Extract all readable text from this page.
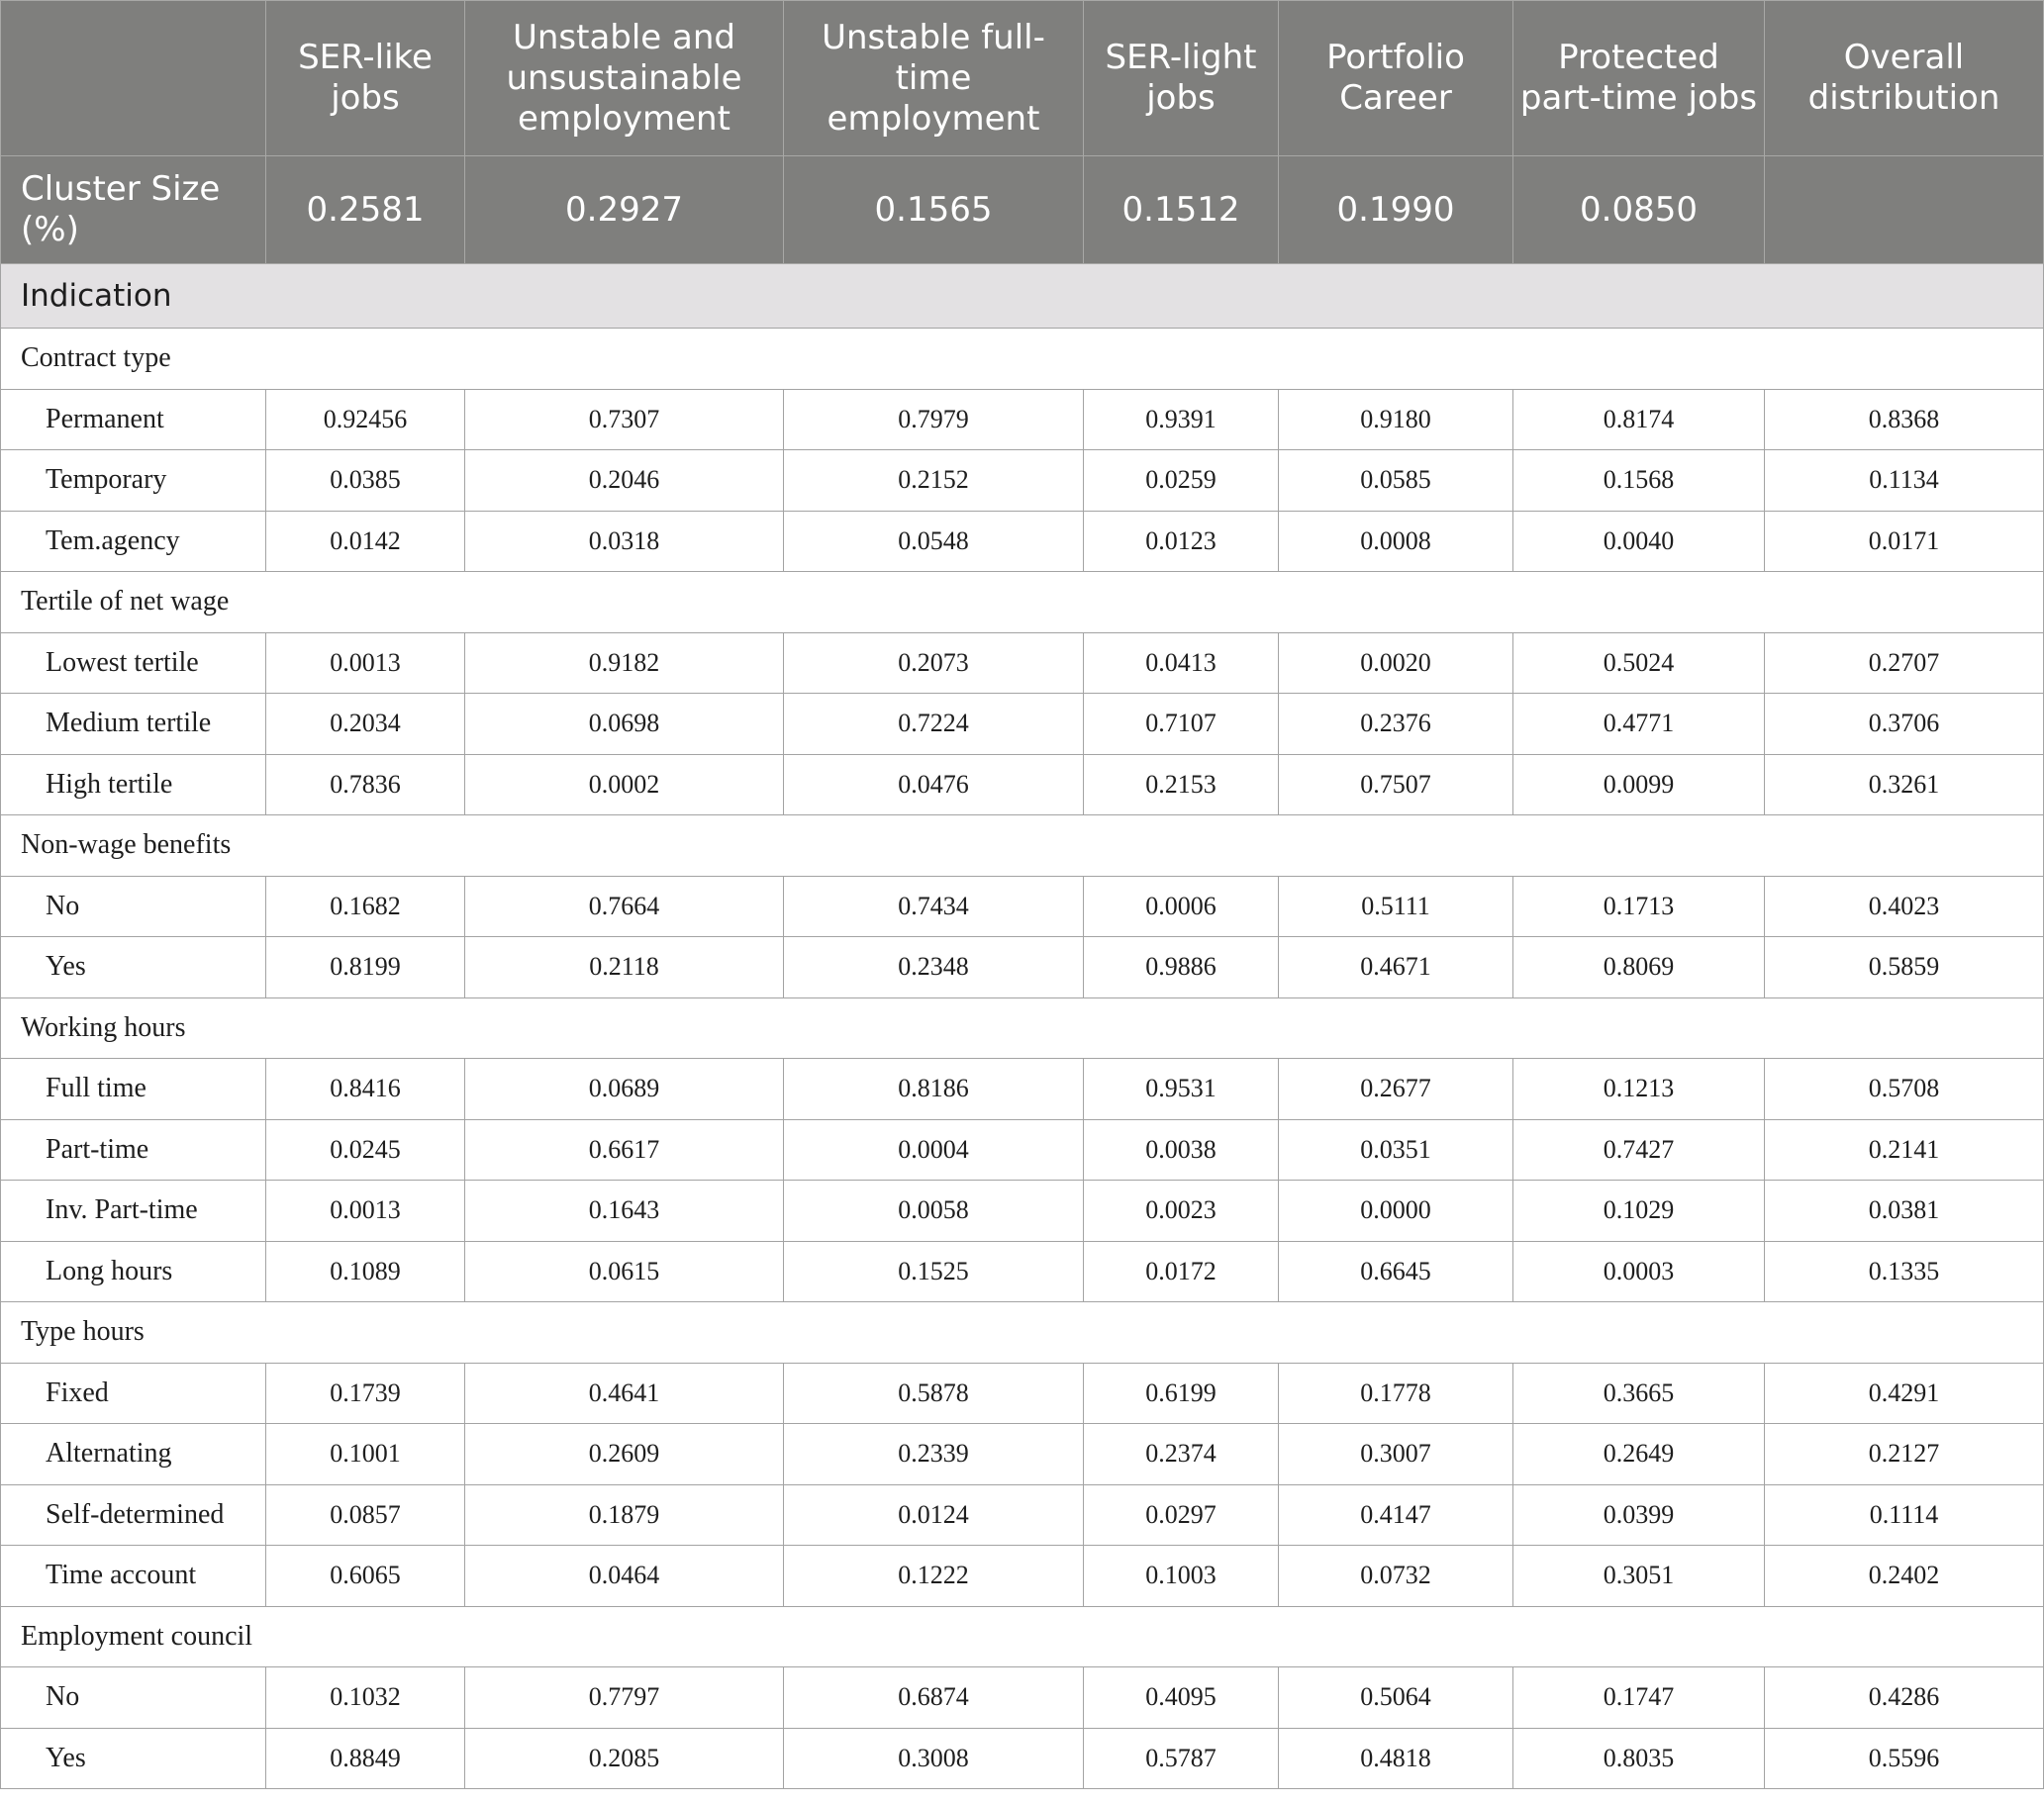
	SER-like jobs	Unstable and unsustainable employment	Unstable full-time employment	SER-light jobs	Portfolio Career	Protected part-time jobs	Overall distribution
Cluster Size (%)	0.2581	0.2927	0.1565	0.1512	0.1990	0.0850	
Indication							
Contract type							
Permanent	0.92456	0.7307	0.7979	0.9391	0.9180	0.8174	0.8368
Temporary	0.0385	0.2046	0.2152	0.0259	0.0585	0.1568	0.1134
Tem.agency	0.0142	0.0318	0.0548	0.0123	0.0008	0.0040	0.0171
Tertile of net wage							
Lowest tertile	0.0013	0.9182	0.2073	0.0413	0.0020	0.5024	0.2707
Medium tertile	0.2034	0.0698	0.7224	0.7107	0.2376	0.4771	0.3706
High tertile	0.7836	0.0002	0.0476	0.2153	0.7507	0.0099	0.3261
Non-wage benefits							
No	0.1682	0.7664	0.7434	0.0006	0.5111	0.1713	0.4023
Yes	0.8199	0.2118	0.2348	0.9886	0.4671	0.8069	0.5859
Working hours							
Full time	0.8416	0.0689	0.8186	0.9531	0.2677	0.1213	0.5708
Part-time	0.0245	0.6617	0.0004	0.0038	0.0351	0.7427	0.2141
Inv. Part-time	0.0013	0.1643	0.0058	0.0023	0.0000	0.1029	0.0381
Long hours	0.1089	0.0615	0.1525	0.0172	0.6645	0.0003	0.1335
Type hours							
Fixed	0.1739	0.4641	0.5878	0.6199	0.1778	0.3665	0.4291
Alternating	0.1001	0.2609	0.2339	0.2374	0.3007	0.2649	0.2127
Self-determined	0.0857	0.1879	0.0124	0.0297	0.4147	0.0399	0.1114
Time account	0.6065	0.0464	0.1222	0.1003	0.0732	0.3051	0.2402
Employment council							
No	0.1032	0.7797	0.6874	0.4095	0.5064	0.1747	0.4286
Yes	0.8849	0.2085	0.3008	0.5787	0.4818	0.8035	0.5596
